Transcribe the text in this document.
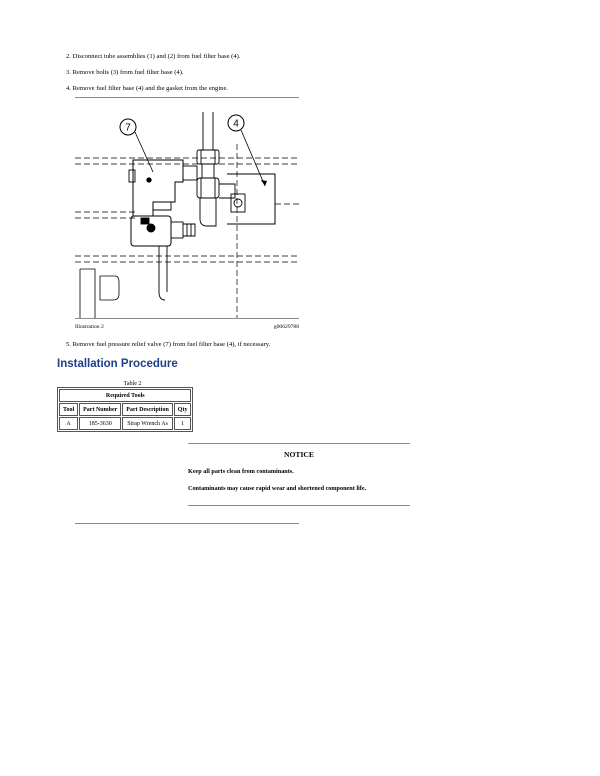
2. Disconnect tube assemblies (1) and (2) from fuel filter base (4).
3. Remove bolts (3) from fuel filter base (4).
4. Remove fuel filter base (4) and the gasket from the engine.
7	4
Illustration 2	g00629788
5. Remove fuel pressure relief valve (7) from fuel filter base (4), if necessary.
Installation Procedure
Table 2
Required Tools			
Tool	Part Number	Part Description	Qty
A	185-3630	Strap Wrench As	1
NOTICE
Keep all parts clean from contaminants.
Contaminants may cause rapid wear and shortened component life.
